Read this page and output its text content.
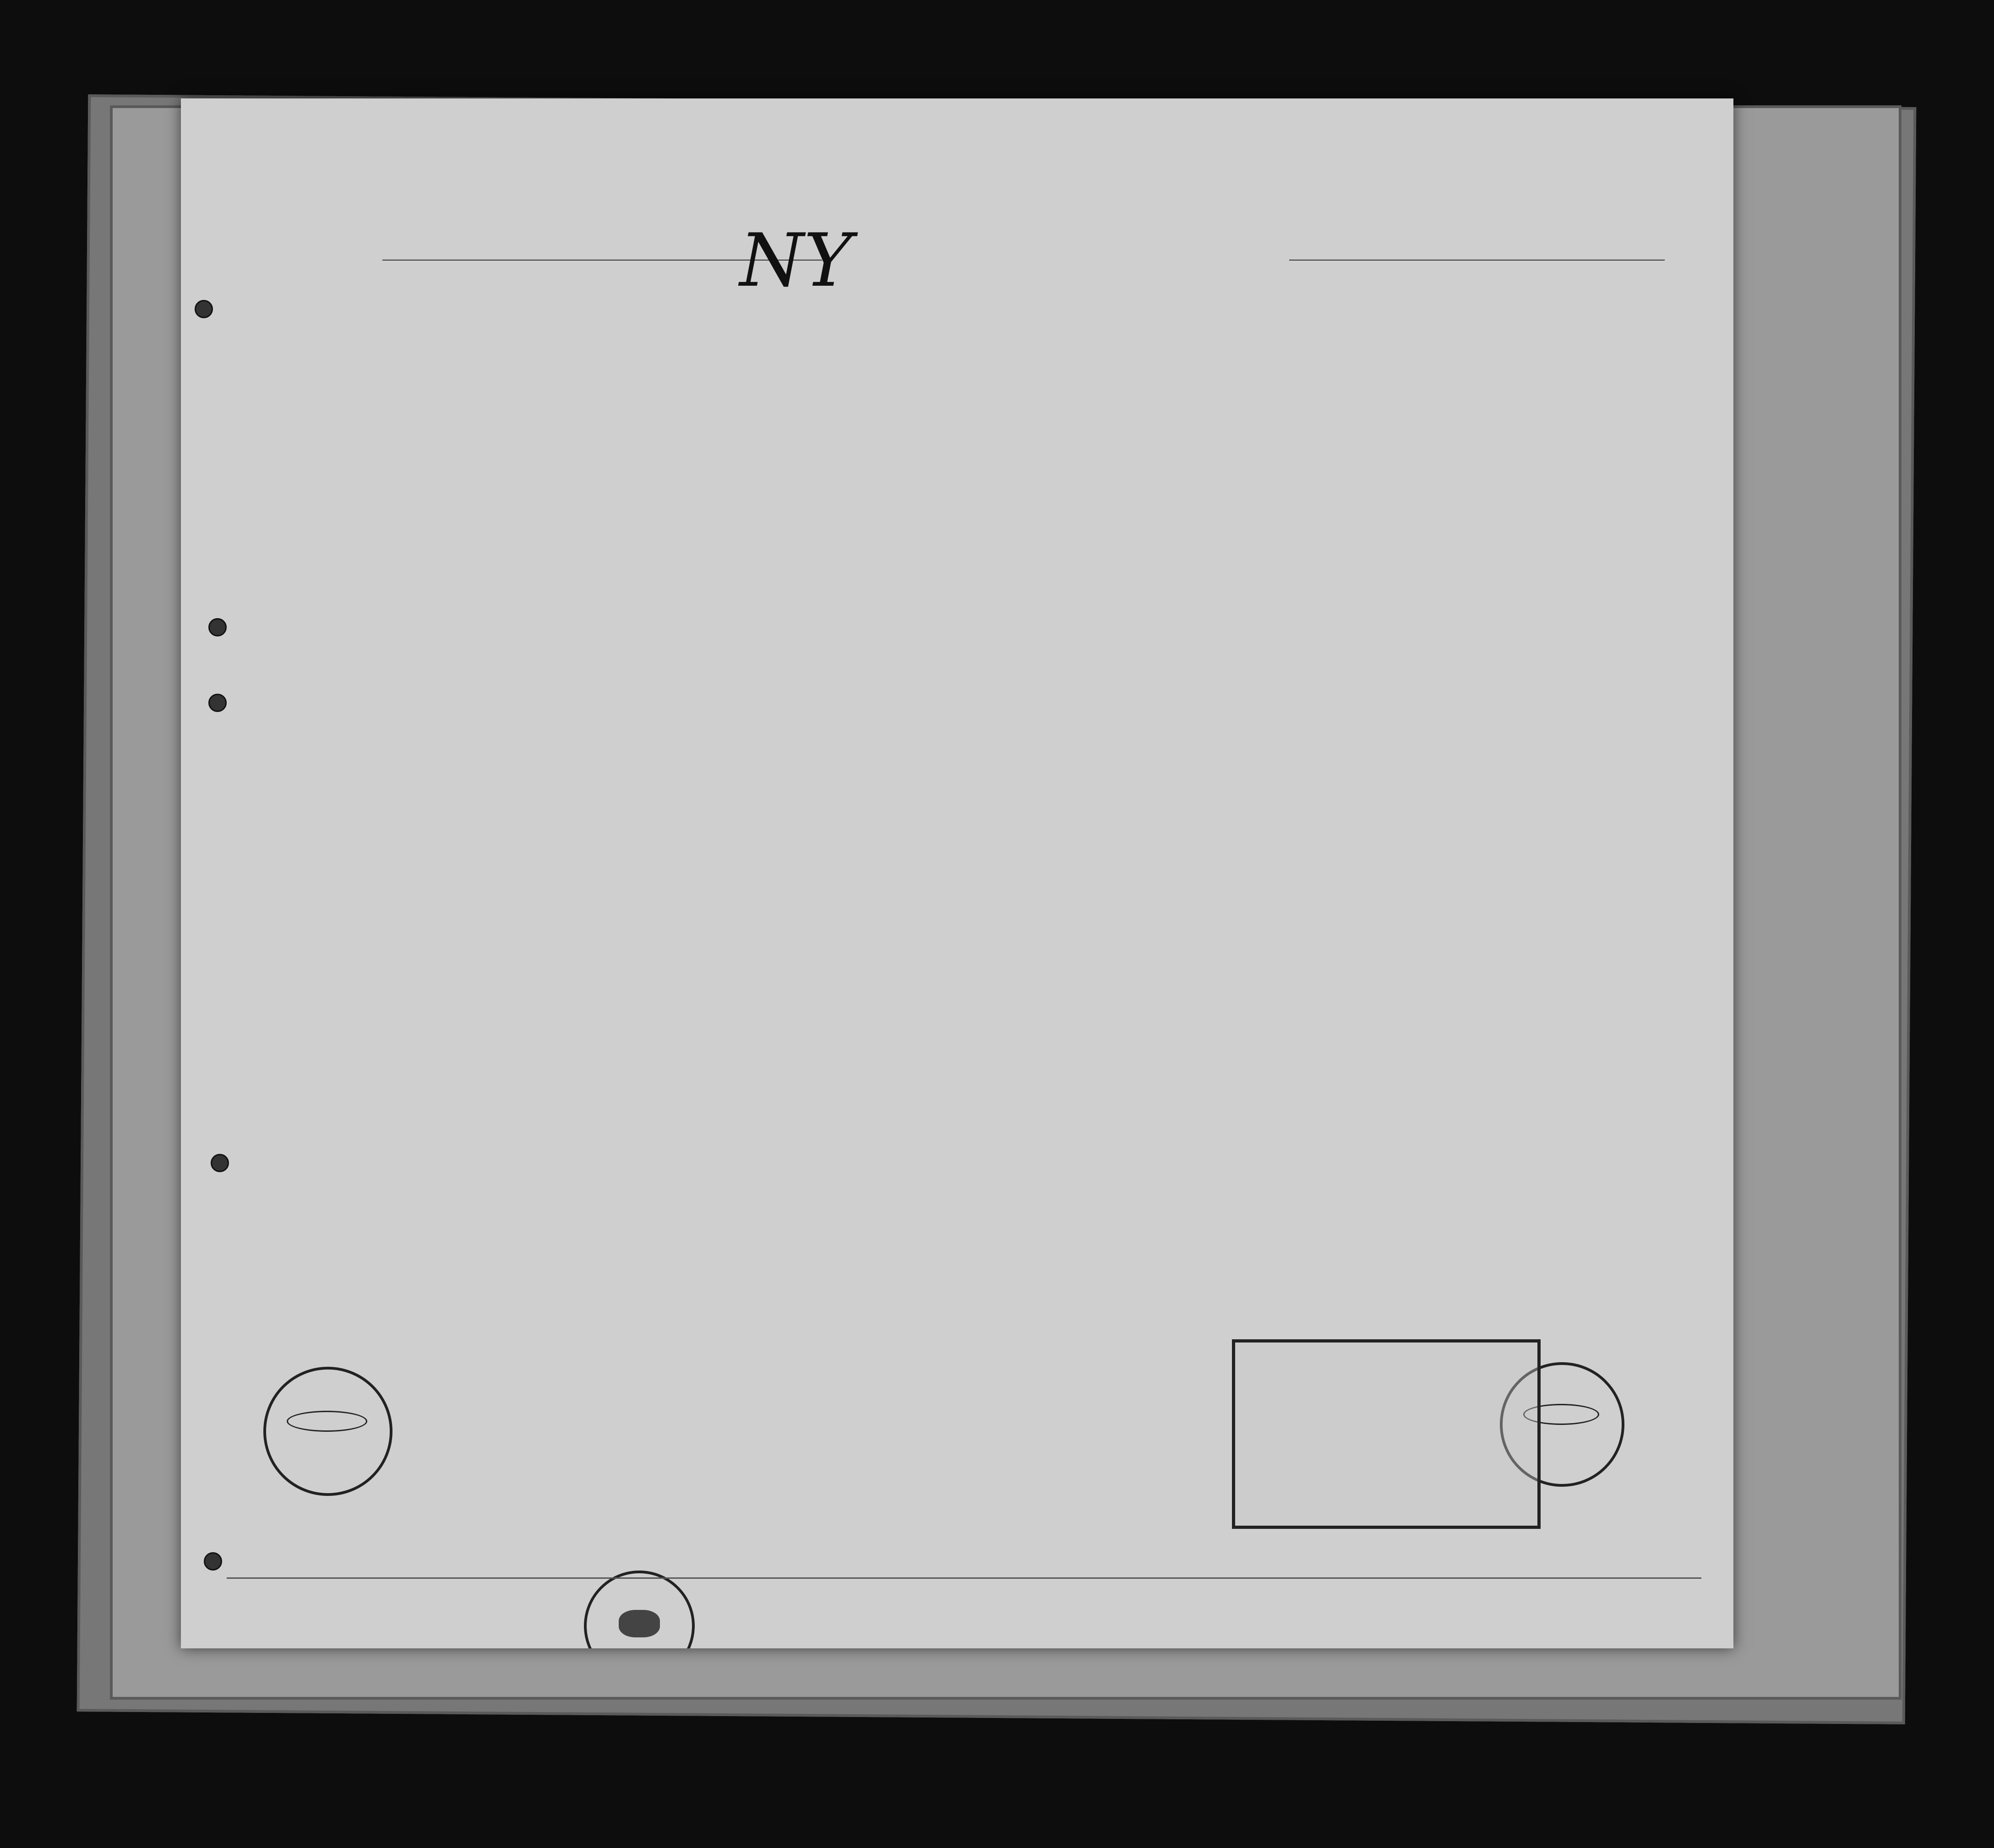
NY
